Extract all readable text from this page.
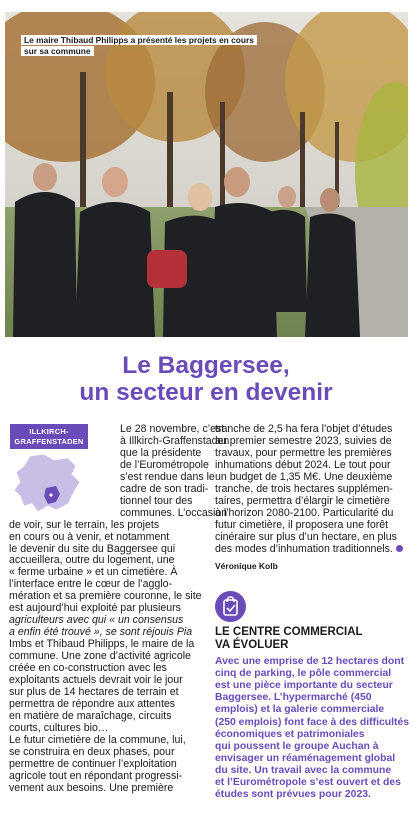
Le maire Thibaud Philipps a présenté les projets en cours
sur sa commune
Le Baggersee,
un secteur en devenir
ILLKIRCH-
GRAFFENSTADEN
Le 28 novembre, c’est
à Illkirch-Graffenstaden
que la présidente
de l’Eurométropole
s’est rendue dans le
cadre de son tradi-
tionnel tour des
communes. L’occasion
de voir, sur le terrain, les projets
en cours ou à venir, et notamment
le devenir du site du Baggersee qui
accueillera, outre du logement, une
« ferme urbaine » et un cimetière. À
l’interface entre le cœur de l’agglo-
mération et sa première couronne, le site
est aujourd’hui exploité par plusieurs
agriculteurs avec qui « un consensus
a enfin été trouvé », se sont réjouis Pia
Imbs et Thibaud Philipps, le maire de la
commune. Une zone d’activité agricole
créée en co-construction avec les
exploitants actuels devrait voir le jour
sur plus de 14 hectares de terrain et
permettra de répondre aux attentes
en matière de maraîchage, circuits
courts, cultures bio…
Le futur cimetière de la commune, lui,
se construira en deux phases, pour
permettre de continuer l’exploitation
agricole tout en répondant progressi-
vement aux besoins. Une première
tranche de 2,5 ha fera l’objet d’études
au premier semestre 2023, suivies de
travaux, pour permettre les premières
inhumations début 2024. Le tout pour
un budget de 1,35 M€. Une deuxième
tranche, de trois hectares supplémen-
taires, permettra d’élargir le cimetière
à l’horizon 2080-2100. Particularité du
futur cimetière, il proposera une forêt
cinéraire sur plus d’un hectare, en plus
des modes d’inhumation traditionnels.
Véronique Kolb
LE CENTRE COMMERCIAL
VA ÉVOLUER
Avec une emprise de 12 hectares dont
cinq de parking, le pôle commercial
est une pièce importante du secteur
Baggersee. L’hypermarché (450
emplois) et la galerie commerciale
(250 emplois) font face à des difficultés
économiques et patrimoniales
qui poussent le groupe Auchan à
envisager un réaménagement global
du site. Un travail avec la commune
et l’Eurométropole s’est ouvert et des
études sont prévues pour 2023.
